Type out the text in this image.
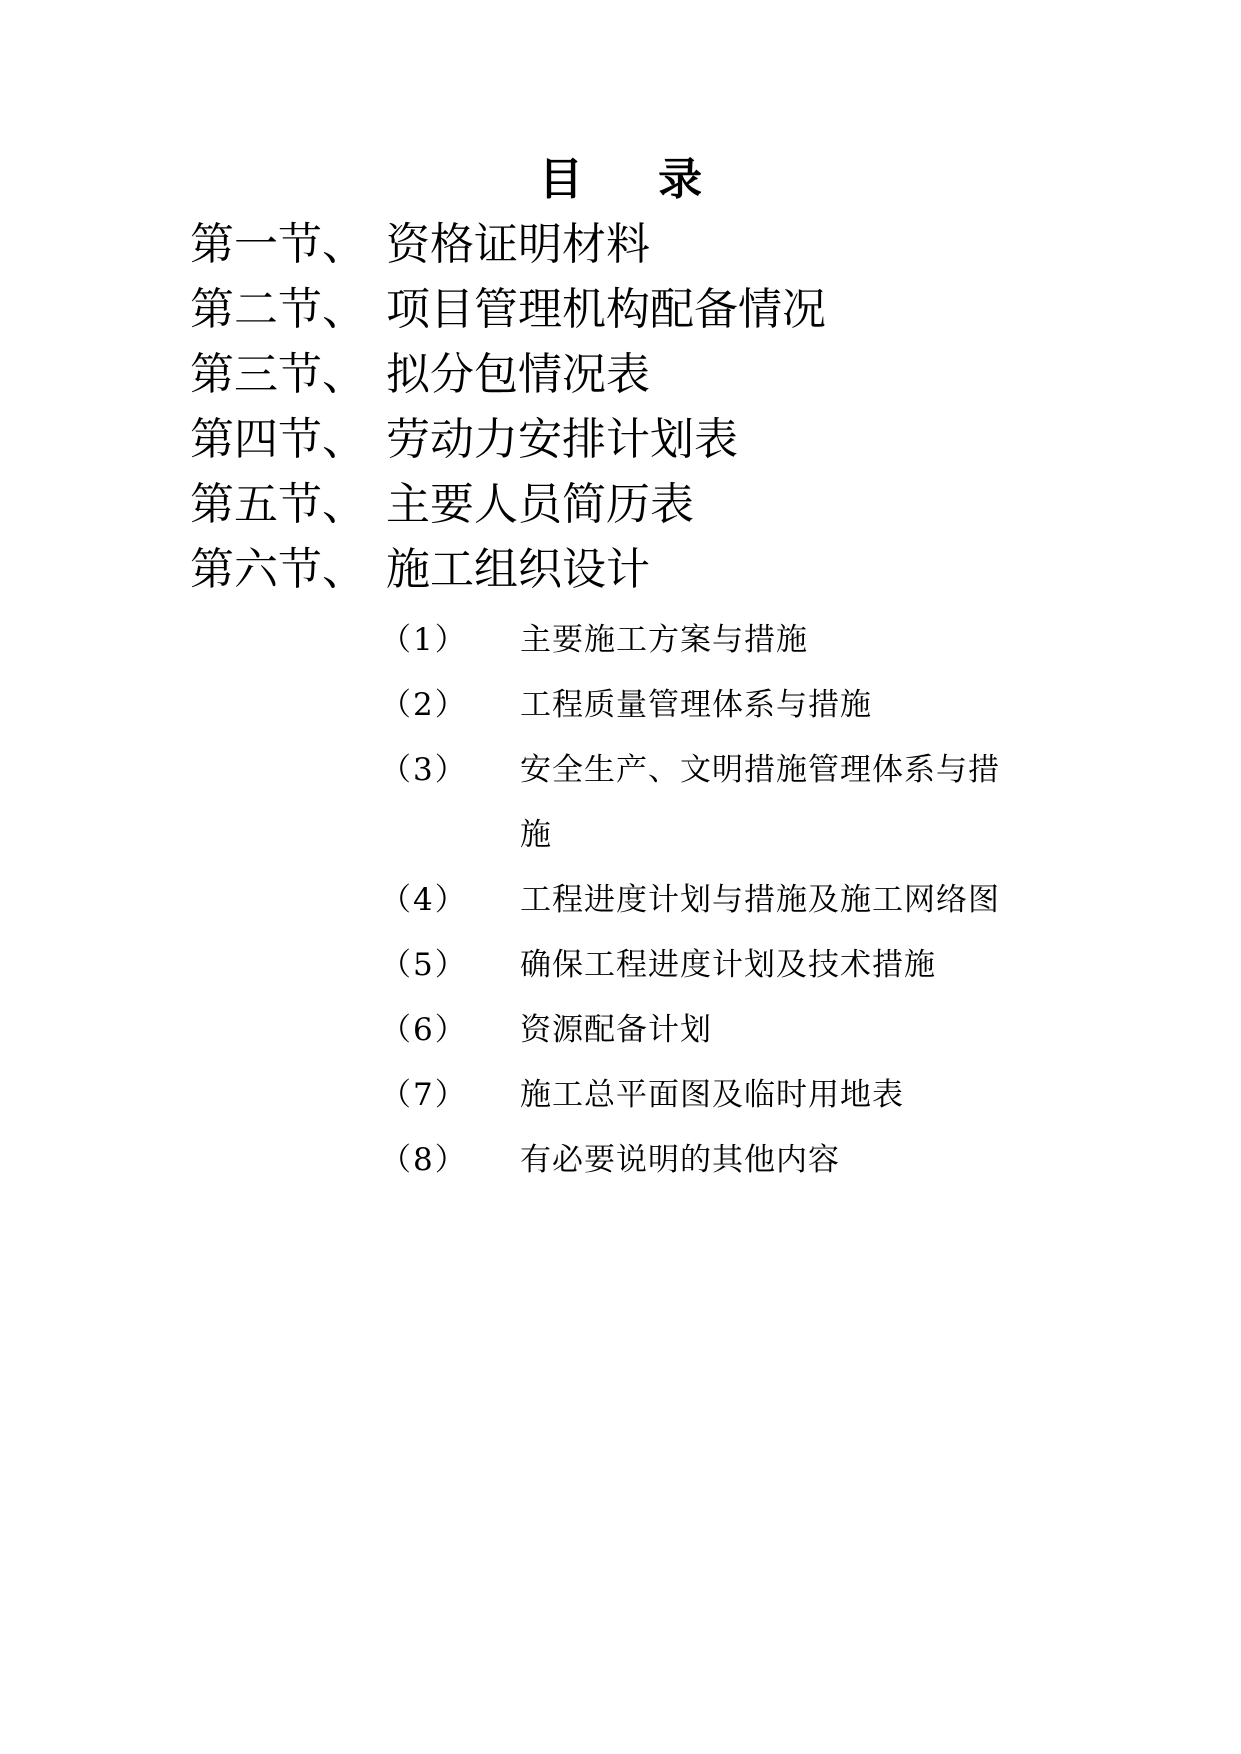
目 录
第一节、 资格证明材料
第二节、 项目管理机构配备情况
第三节、 拟分包情况表
第四节、 劳动力安排计划表
第五节、 主要人员简历表
第六节、 施工组织设计
（1）	主要施工方案与措施
（2）	工程质量管理体系与措施
（3）	安全生产、文明措施管理体系与措施
（4）	工程进度计划与措施及施工网络图
（5）	确保工程进度计划及技术措施
（6）	资源配备计划
（7）	施工总平面图及临时用地表
（8）	有必要说明的其他内容
